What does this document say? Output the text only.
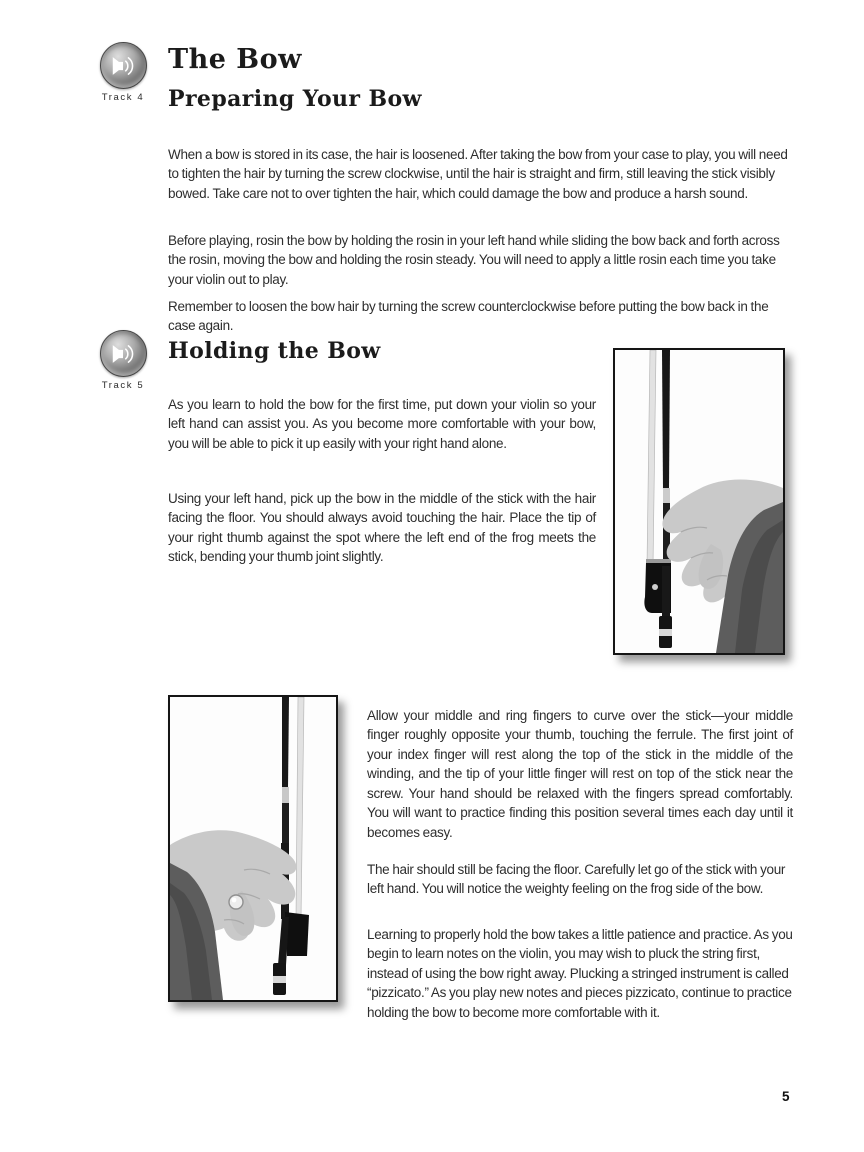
Track 4
The Bow
Preparing Your Bow

When a bow is stored in its case, the hair is loosened. After taking the bow from your case to play, you will need to tighten the hair by turning the screw clockwise, until the hair is straight and firm, still leaving the stick visibly bowed. Take care not to over tighten the hair, which could damage the bow and produce a harsh sound.

Before playing, rosin the bow by holding the rosin in your left hand while sliding the bow back and forth across the rosin, moving the bow and holding the rosin steady. You will need to apply a little rosin each time you take your violin out to play.

Remember to loosen the bow hair by turning the screw counterclockwise before putting the bow back in the case again.

Track 5
Holding the Bow

As you learn to hold the bow for the first time, put down your violin so your left hand can assist you. As you become more comfortable with your bow, you will be able to pick it up easily with your right hand alone.

Using your left hand, pick up the bow in the middle of the stick with the hair facing the floor. You should always avoid touching the hair. Place the tip of your right thumb against the spot where the left end of the frog meets the stick, bending your thumb joint slightly.

Allow your middle and ring fingers to curve over the stick—your middle finger roughly opposite your thumb, touching the ferrule. The first joint of your index finger will rest along the top of the stick in the middle of the winding, and the tip of your little finger will rest on top of the stick near the screw. Your hand should be relaxed with the fingers spread comfortably. You will want to practice finding this position several times each day until it becomes easy.

The hair should still be facing the floor. Carefully let go of the stick with your left hand. You will notice the weighty feeling on the frog side of the bow.

Learning to properly hold the bow takes a little patience and practice. As you begin to learn notes on the violin, you may wish to pluck the string first, instead of using the bow right away. Plucking a stringed instrument is called “pizzicato.” As you play new notes and pieces pizzicato, continue to practice holding the bow to become more comfortable with it.

5
